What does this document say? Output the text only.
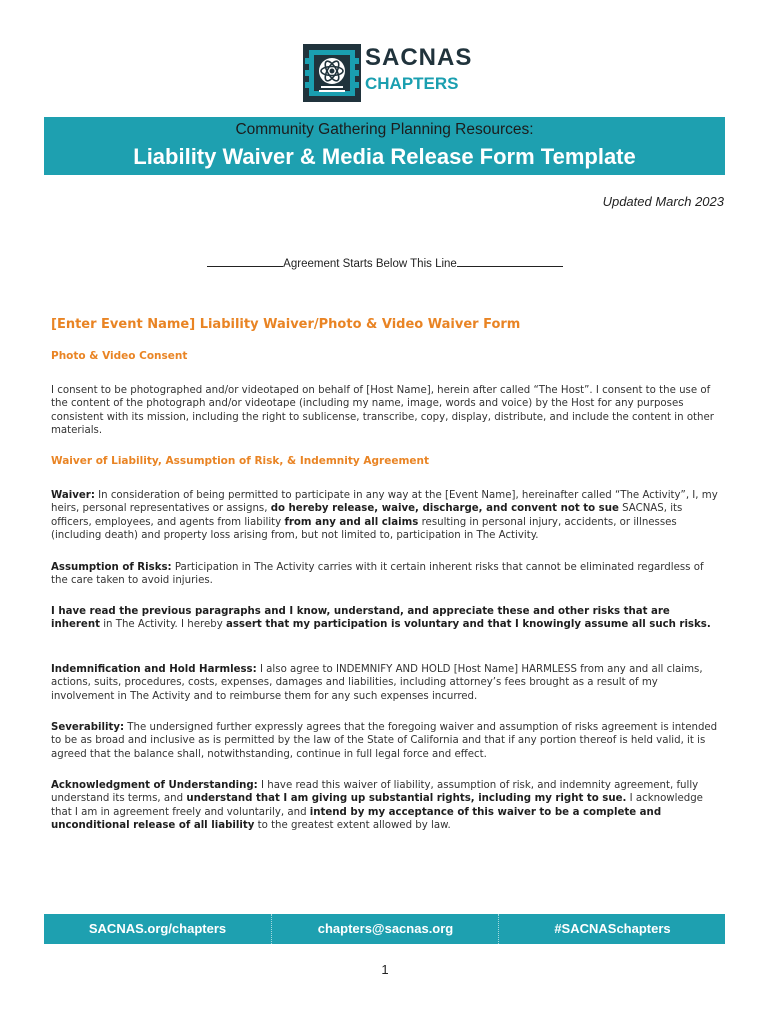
SACNAS
CHAPTERS
Community Gathering Planning Resources:
Liability Waiver & Media Release Form Template
Updated March 2023
Agreement Starts Below This Line
[Enter Event Name] Liability Waiver/Photo & Video Waiver Form
Photo & Video Consent
I consent to be photographed and/or videotaped on behalf of [Host Name], herein after called “The Host”. I consent to the use of the content of the photograph and/or videotape (including my name, image, words and voice) by the Host for any purposes consistent with its mission, including the right to sublicense, transcribe, copy, display, distribute, and include the content in other materials.
Waiver of Liability, Assumption of Risk, & Indemnity Agreement
Waiver: In consideration of being permitted to participate in any way at the [Event Name], hereinafter called “The Activity”, I, my heirs, personal representatives or assigns, do hereby release, waive, discharge, and convent not to sue SACNAS, its officers, employees, and agents from liability from any and all claims resulting in personal injury, accidents, or illnesses (including death) and property loss arising from, but not limited to, participation in The Activity.
Assumption of Risks: Participation in The Activity carries with it certain inherent risks that cannot be eliminated regardless of the care taken to avoid injuries.
I have read the previous paragraphs and I know, understand, and appreciate these and other risks that are inherent in The Activity. I hereby assert that my participation is voluntary and that I knowingly assume all such risks.
Indemnification and Hold Harmless: I also agree to INDEMNIFY AND HOLD [Host Name] HARMLESS from any and all claims, actions, suits, procedures, costs, expenses, damages and liabilities, including attorney’s fees brought as a result of my involvement in The Activity and to reimburse them for any such expenses incurred.
Severability: The undersigned further expressly agrees that the foregoing waiver and assumption of risks agreement is intended to be as broad and inclusive as is permitted by the law of the State of California and that if any portion thereof is held valid, it is agreed that the balance shall, notwithstanding, continue in full legal force and effect.
Acknowledgment of Understanding: I have read this waiver of liability, assumption of risk, and indemnity agreement, fully understand its terms, and understand that I am giving up substantial rights, including my right to sue. I acknowledge that I am in agreement freely and voluntarily, and intend by my acceptance of this waiver to be a complete and unconditional release of all liability to the greatest extent allowed by law.
SACNAS.org/chapters	chapters@sacnas.org	#SACNASchapters
1
